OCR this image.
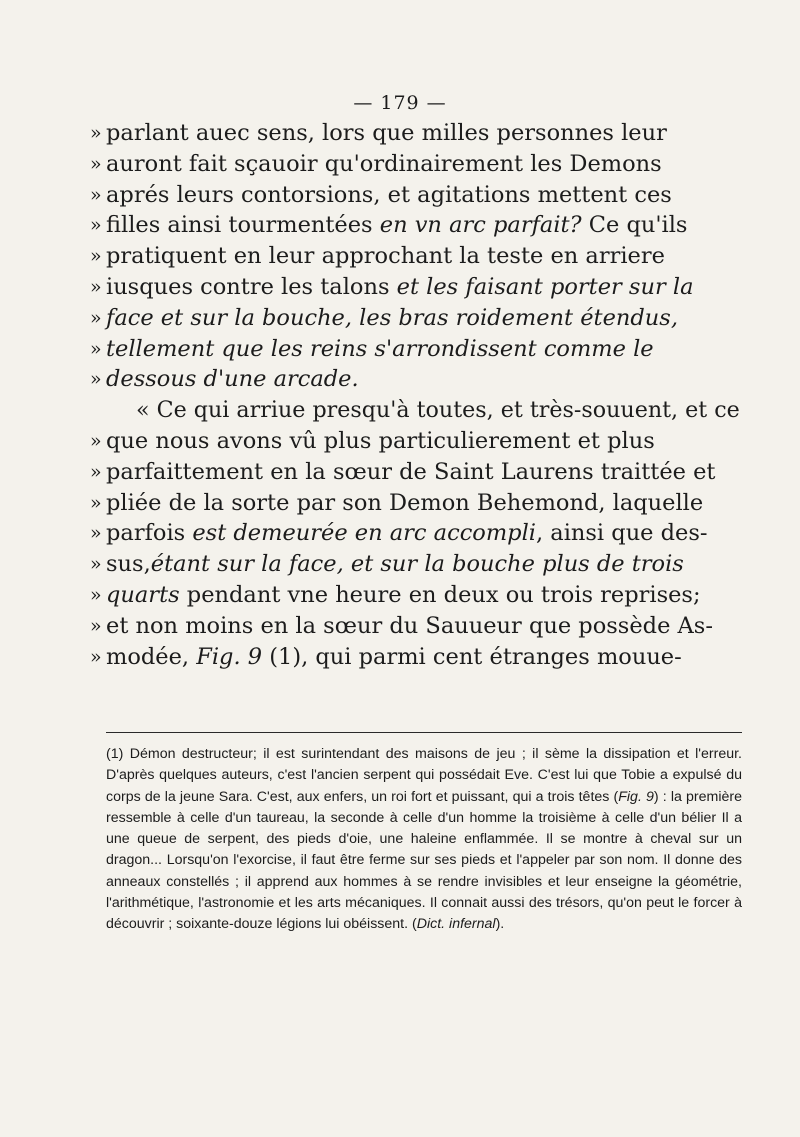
— 179 —
» parlant auec sens, lors que milles personnes leur
» auront fait sçauoir qu'ordinairement les Demons
» aprés leurs contorsions, et agitations mettent ces
» filles ainsi tourmentées en vn arc parfait? Ce qu'ils
» pratiquent en leur approchant la teste en arriere
» iusques contre les talons et les faisant porter sur la
» face et sur la bouche, les bras roidement étendus,
» tellement que les reins s'arrondissent comme le
» dessous d'une arcade.
« Ce qui arriue presqu'à toutes, et très-souuent, et ce
» que nous avons vû plus particulierement et plus
» parfaittement en la sœur de Saint Laurens traittée et
» pliée de la sorte par son Demon Behemond, laquelle
» parfois est demeurée en arc accompli, ainsi que des-
» sus,étant sur la face, et sur la bouche plus de trois
» quarts pendant vne heure en deux ou trois reprises;
» et non moins en la sœur du Sauueur que possède As-
» modée, Fig. 9 (1), qui parmi cent étranges mouue-
(1) Démon destructeur; il est surintendant des maisons de jeu ; il sème la dissipation et l'erreur. D'après quelques auteurs, c'est l'ancien serpent qui possédait Eve. C'est lui que Tobie a expulsé du corps de la jeune Sara. C'est, aux enfers, un roi fort et puissant, qui a trois têtes (Fig. 9) : la première ressemble à celle d'un taureau, la seconde à celle d'un homme la troisième à celle d'un bélier Il a une queue de serpent, des pieds d'oie, une haleine enflammée. Il se montre à cheval sur un dragon... Lorsqu'on l'exorcise, il faut être ferme sur ses pieds et l'appeler par son nom. Il donne des anneaux constellés ; il apprend aux hommes à se rendre invisibles et leur enseigne la géométrie, l'arithmétique, l'astronomie et les arts mécaniques. Il connait aussi des trésors, qu'on peut le forcer à découvrir ; soixante-douze légions lui obéissent. (Dict. infernal).
